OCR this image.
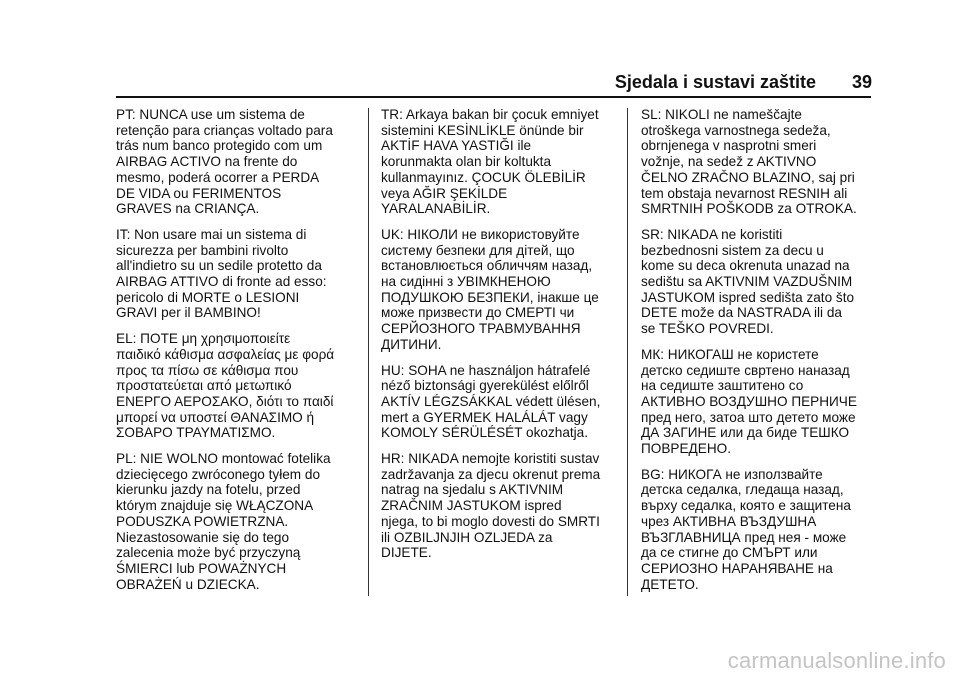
Sjedala i sustavi zaštite 39

PT: NUNCA use um sistema de
retenção para crianças voltado para
trás num banco protegido com um
AIRBAG ACTIVO na frente do
mesmo, poderá ocorrer a PERDA
DE VIDA ou FERIMENTOS
GRAVES na CRIANÇA.

IT: Non usare mai un sistema di
sicurezza per bambini rivolto
all'indietro su un sedile protetto da
AIRBAG ATTIVO di fronte ad esso:
pericolo di MORTE o LESIONI
GRAVI per il BAMBINO!

EL: ΠΟΤΕ μη χρησιμοποιείτε
παιδικό κάθισμα ασφαλείας με φορά
προς τα πίσω σε κάθισμα που
προστατεύεται από μετωπικό
ΕΝΕΡΓΟ ΑΕΡΟΣΑΚΟ, διότι το παιδί
μπορεί να υποστεί ΘΑΝΑΣΙΜΟ ή
ΣΟΒΑΡΟ ΤΡΑΥΜΑΤΙΣΜΟ.

PL: NIE WOLNO montować fotelika
dziecięcego zwróconego tyłem do
kierunku jazdy na fotelu, przed
którym znajduje się WŁĄCZONA
PODUSZKA POWIETRZNA.
Niezastosowanie się do tego
zalecenia może być przyczyną
ŚMIERCI lub POWAŻNYCH
OBRAŻEŃ u DZIECKA.

TR: Arkaya bakan bir çocuk emniyet
sistemini KESİNLİKLE önünde bir
AKTİF HAVA YASTIĞI ile
korunmakta olan bir koltukta
kullanmayınız. ÇOCUK ÖLEBİLİR
veya AĞIR ŞEKİLDE
YARALANABİLİR.

UK: НІКОЛИ не використовуйте
систему безпеки для дітей, що
встановлюється обличчям назад,
на сидінні з УВІМКНЕНОЮ
ПОДУШКОЮ БЕЗПЕКИ, інакше це
може призвести до СМЕРТІ чи
СЕРЙОЗНОГО ТРАВМУВАННЯ
ДИТИНИ.

HU: SOHA ne használjon hátrafelé
néző biztonsági gyerekülést előlről
AKTÍV LÉGZSÁKKAL védett ülésen,
mert a GYERMEK HALÁLÁT vagy
KOMOLY SÉRÜLÉSÉT okozhatja.

HR: NIKADA nemojte koristiti sustav
zadržavanja za djecu okrenut prema
natrag na sjedalu s AKTIVNIM
ZRAČNIM JASTUKOM ispred
njega, to bi moglo dovesti do SMRTI
ili OZBILJNJIH OZLJEDA za
DIJETE.

SL: NIKOLI ne nameščajte
otroškega varnostnega sedeža,
obrnjenega v nasprotni smeri
vožnje, na sedež z AKTIVNO
ČELNO ZRAČNO BLAZINO, saj pri
tem obstaja nevarnost RESNIH ali
SMRTNIH POŠKODB za OTROKA.

SR: NIKADA ne koristiti
bezbednosni sistem za decu u
kome su deca okrenuta unazad na
sedištu sa AKTIVNIM VAZDUŠNIM
JASTUKOM ispred sedišta zato što
DETE može da NASTRADA ili da
se TEŠKO POVREDI.

МК: НИКОГАШ не користете
детско седиште свртено наназад
на седиште заштитено со
АКТИВНО ВОЗДУШНО ПЕРНИЧЕ
пред него, затоа што детето може
ДА ЗАГИНЕ или да биде ТЕШКО
ПОВРЕДЕНО.

BG: НИКОГА не използвайте
детска седалка, гледаща назад,
върху седалка, която е защитена
чрез АКТИВНА ВЪЗДУШНА
ВЪЗГЛАВНИЦА пред нея - може
да се стигне до СМЪРТ или
СЕРИОЗНО НАРАНЯВАНЕ на
ДЕТЕТО.

carmanualsonline.info
